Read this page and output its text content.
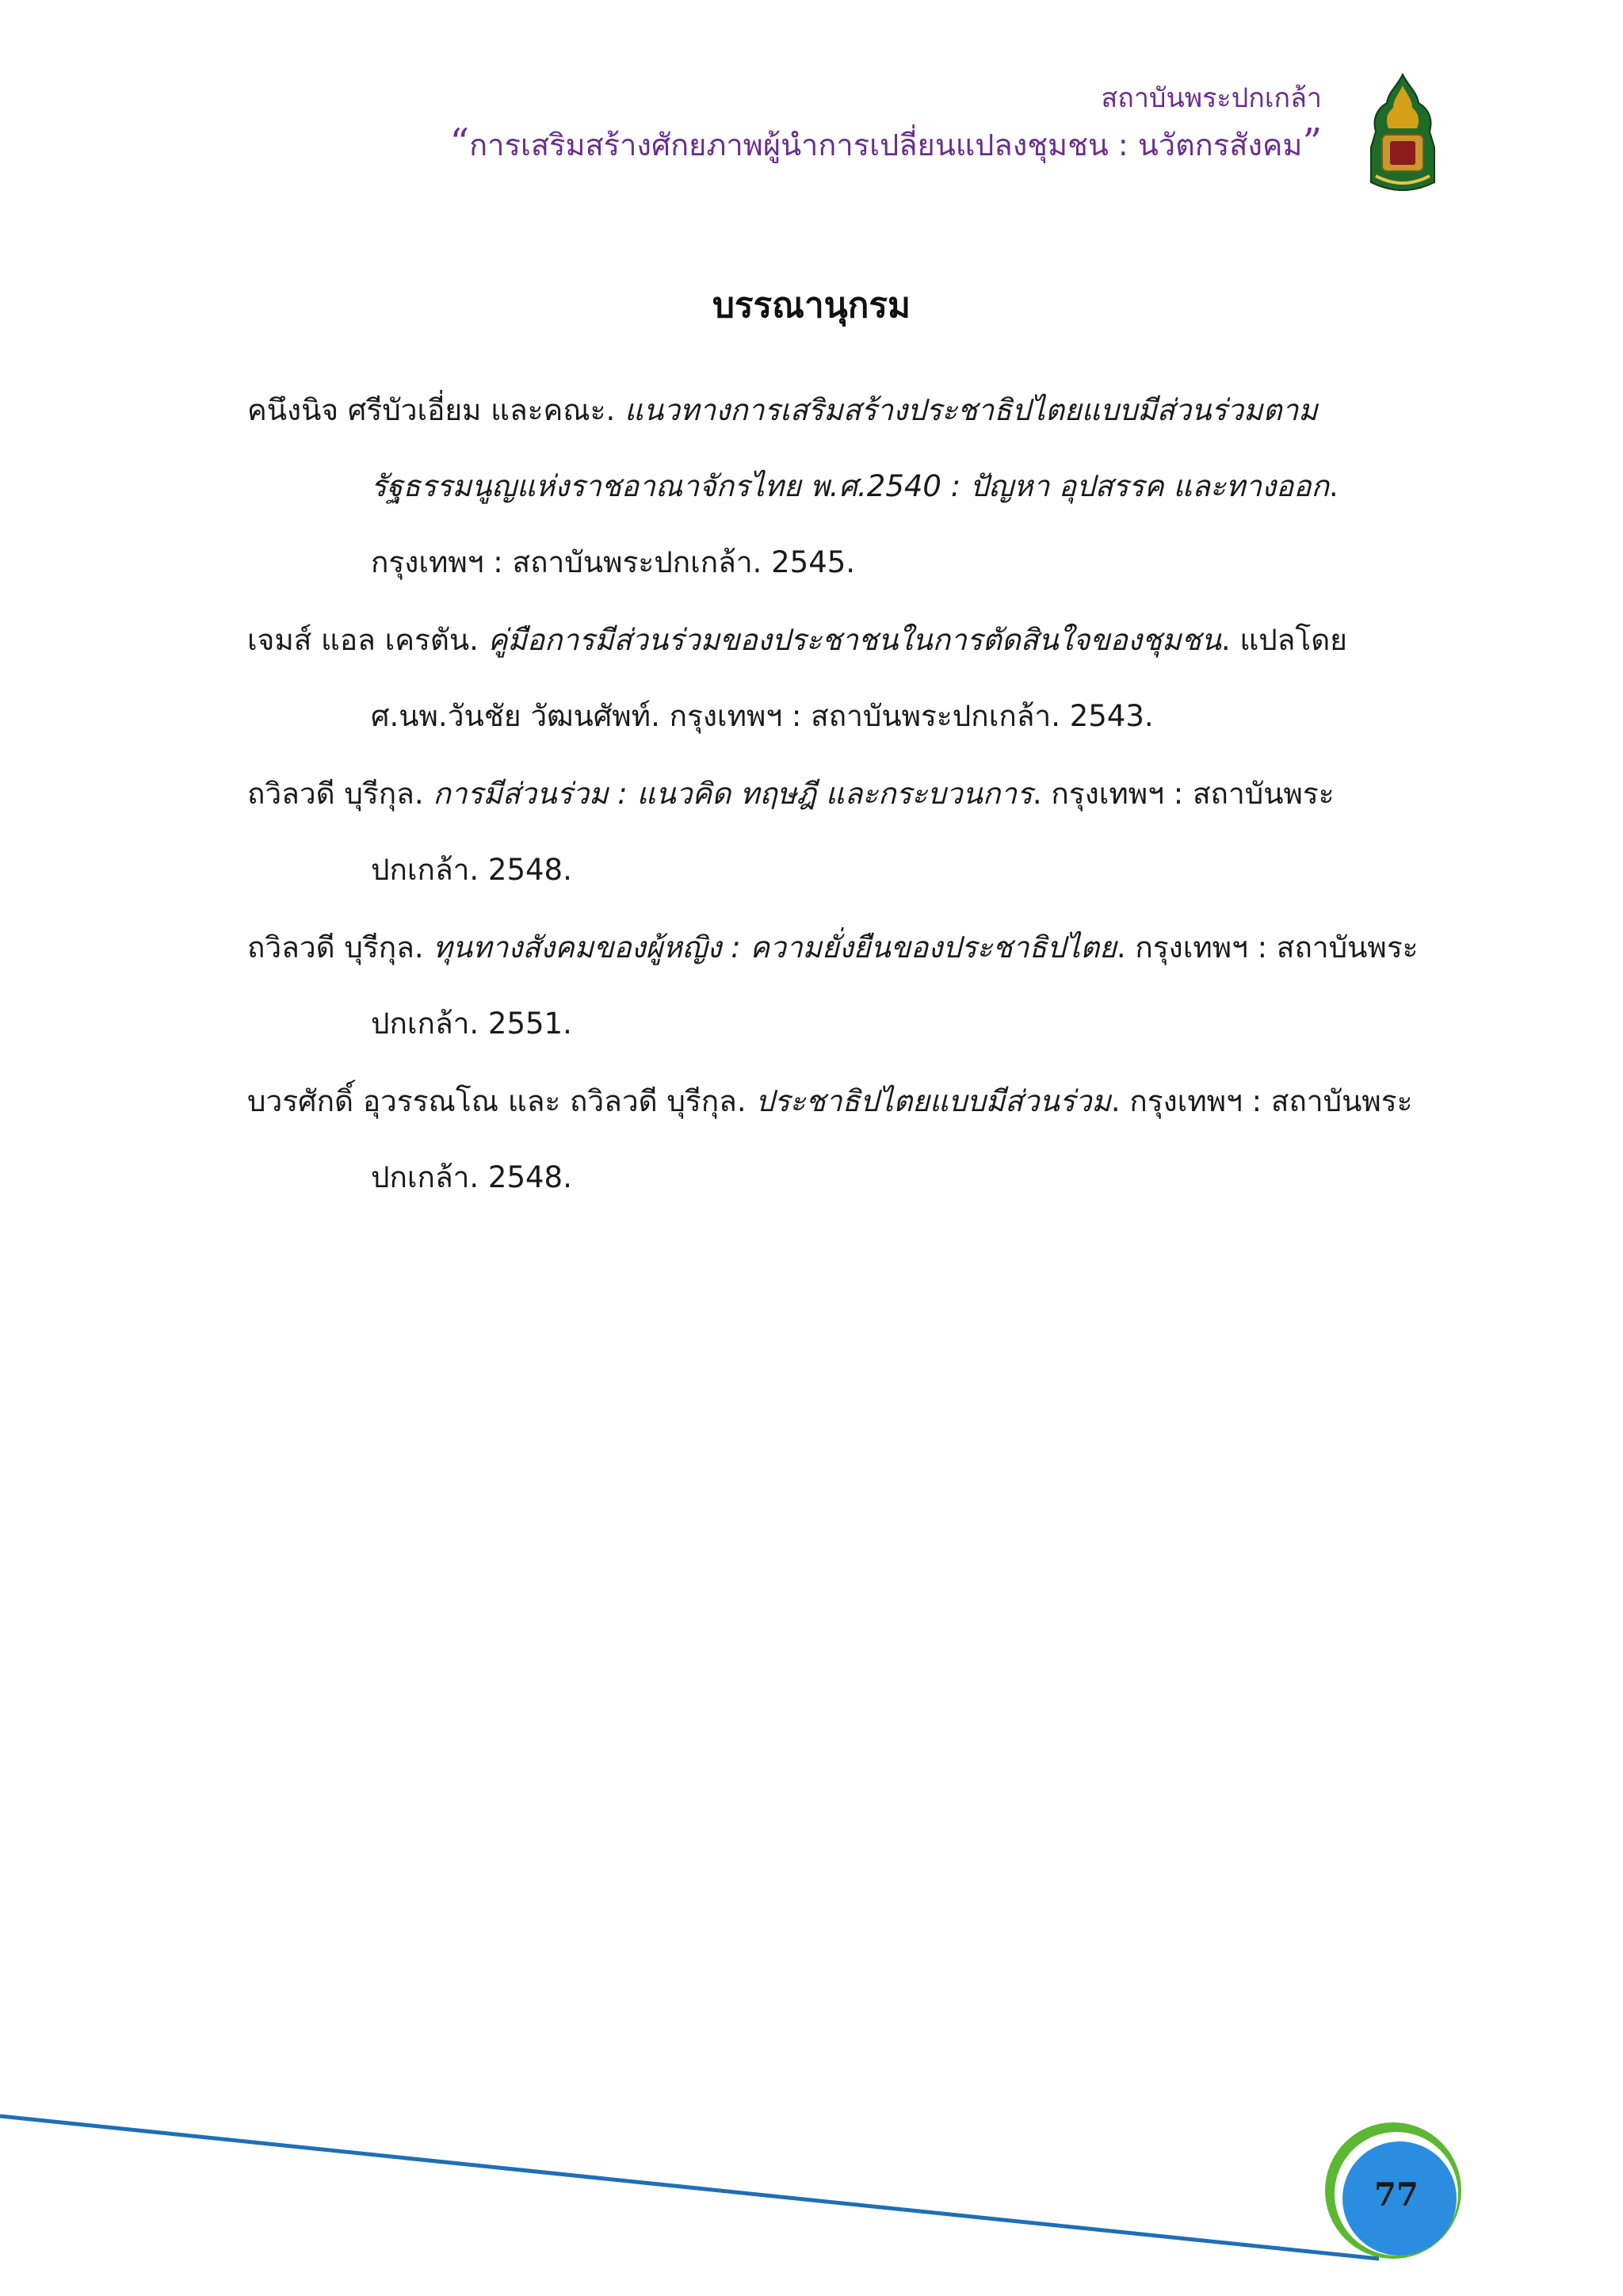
สถาบันพระปกเกล้า
“การเสริมสร้างศักยภาพผู้นำการเปลี่ยนแปลงชุมชน : นวัตกรสังคม”
บรรณานุกรม

คนึงนิจ ศรีบัวเอี่ยม และคณะ. แนวทางการเสริมสร้างประชาธิปไตยแบบมีส่วนร่วมตามรัฐธรรมนูญแห่งราชอาณาจักรไทย พ.ศ.2540 : ปัญหา อุปสรรค และทางออก. กรุงเทพฯ : สถาบันพระปกเกล้า. 2545.

เจมส์ แอล เครตัน. คู่มือการมีส่วนร่วมของประชาชนในการตัดสินใจของชุมชน. แปลโดย ศ.นพ.วันชัย วัฒนศัพท์. กรุงเทพฯ : สถาบันพระปกเกล้า. 2543.

ถวิลวดี บุรีกุล. การมีส่วนร่วม : แนวคิด ทฤษฎี และกระบวนการ. กรุงเทพฯ : สถาบันพระปกเกล้า. 2548.

ถวิลวดี บุรีกุล. ทุนทางสังคมของผู้หญิง : ความยั่งยืนของประชาธิปไตย. กรุงเทพฯ : สถาบันพระปกเกล้า. 2551.

บวรศักดิ์ อุวรรณโณ และ ถวิลวดี บุรีกุล. ประชาธิปไตยแบบมีส่วนร่วม. กรุงเทพฯ : สถาบันพระปกเกล้า. 2548.

77
